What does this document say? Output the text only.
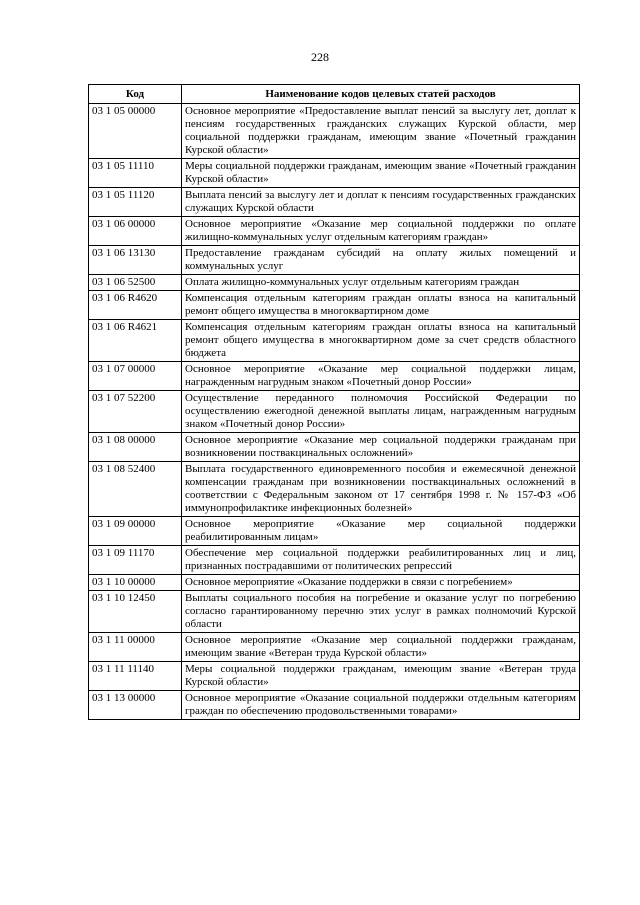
228
Код	Наименование кодов целевых статей расходов
03 1 05 00000	Основное мероприятие «Предоставление выплат пенсий за выслугу лет, доплат к пенсиям государственных гражданских служащих Курской области, мер социальной поддержки гражданам, имеющим звание «Почетный гражданин Курской области»
03 1 05 11110	Меры социальной поддержки гражданам, имеющим звание «Почетный гражданин Курской области»
03 1 05 11120	Выплата пенсий за выслугу лет и доплат к пенсиям государственных гражданских служащих Курской области
03 1 06 00000	Основное мероприятие «Оказание мер социальной поддержки по оплате жилищно-коммунальных услуг отдельным категориям граждан»
03 1 06 13130	Предоставление гражданам субсидий на оплату жилых помещений и коммунальных услуг
03 1 06 52500	Оплата жилищно-коммунальных услуг отдельным категориям граждан
03 1 06 R4620	Компенсация отдельным категориям граждан оплаты взноса на капитальный ремонт общего имущества в многоквартирном доме
03 1 06 R4621	Компенсация отдельным категориям граждан оплаты взноса на капитальный ремонт общего имущества в многоквартирном доме за счет средств областного бюджета
03 1 07 00000	Основное мероприятие «Оказание мер социальной поддержки лицам, награжденным нагрудным знаком «Почетный донор России»
03 1 07 52200	Осуществление переданного полномочия Российской Федерации по осуществлению ежегодной денежной выплаты лицам, награжденным нагрудным знаком «Почетный донор России»
03 1 08 00000	Основное мероприятие «Оказание мер социальной поддержки гражданам при возникновении поствакцинальных осложнений»
03 1 08 52400	Выплата государственного единовременного пособия и ежемесячной денежной компенсации гражданам при возникновении поствакцинальных осложнений в соответствии с Федеральным законом от 17 сентября 1998 г. № 157-ФЗ «Об иммунопрофилактике инфекционных болезней»
03 1 09 00000	Основное мероприятие «Оказание мер социальной поддержки реабилитированным лицам»
03 1 09 11170	Обеспечение мер социальной поддержки реабилитированных лиц и лиц, признанных пострадавшими от политических репрессий
03 1 10 00000	Основное мероприятие «Оказание поддержки в связи с погребением»
03 1 10 12450	Выплаты социального пособия на погребение и оказание услуг по погребению согласно гарантированному перечню этих услуг в рамках полномочий Курской области
03 1 11 00000	Основное мероприятие «Оказание мер социальной поддержки гражданам, имеющим звание «Ветеран труда Курской области»
03 1 11 11140	Меры социальной поддержки гражданам, имеющим звание «Ветеран труда Курской области»
03 1 13 00000	Основное мероприятие «Оказание социальной поддержки отдельным категориям граждан по обеспечению продовольственными товарами»
